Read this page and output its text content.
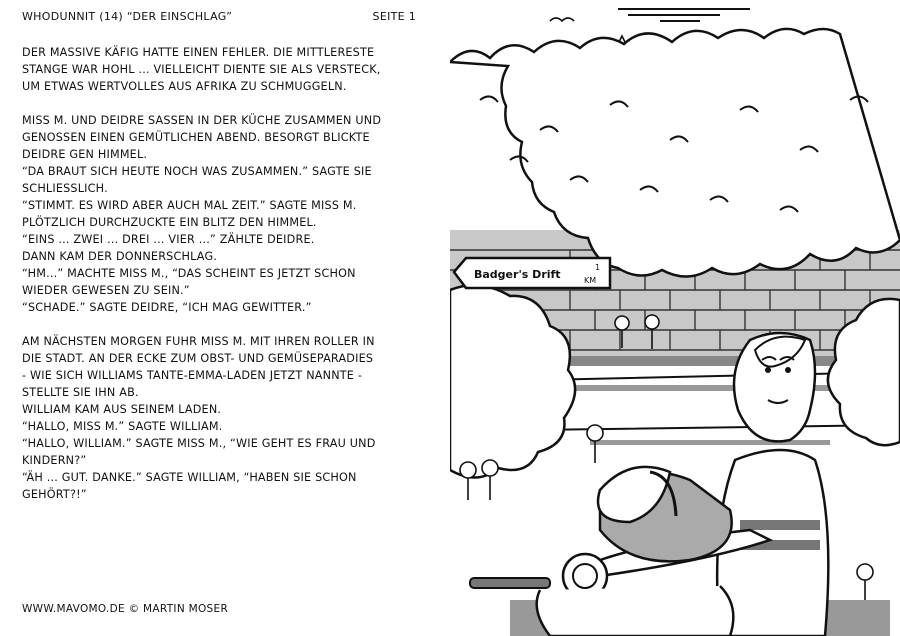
WHODUNNIT (14) “DER EINSCHLAG”	SEITE 1

DER MASSIVE KÄFIG HATTE EINEN FEHLER. DIE MITTLERESTE
STANGE WAR HOHL ... VIELLEICHT DIENTE SIE ALS VERSTECK,
UM ETWAS WERTVOLLES AUS AFRIKA ZU SCHMUGGELN.

MISS M. UND DEIDRE SASSEN IN DER KÜCHE ZUSAMMEN UND
GENOSSEN EINEN GEMÜTLICHEN ABEND. BESORGT BLICKTE
DEIDRE GEN HIMMEL.
“DA BRAUT SICH HEUTE NOCH WAS ZUSAMMEN.” SAGTE SIE
SCHLIESSLICH.
“STIMMT. ES WIRD ABER AUCH MAL ZEIT.” SAGTE MISS M.
PLÖTZLICH DURCHZUCKTE EIN BLITZ DEN HIMMEL.
“EINS ... ZWEI ... DREI ... VIER ...” ZÄHLTE DEIDRE.
DANN KAM DER DONNERSCHLAG.
“HM...” MACHTE MISS M., “DAS SCHEINT ES JETZT SCHON
WIEDER GEWESEN ZU SEIN.”
“SCHADE.” SAGTE DEIDRE, “ICH MAG GEWITTER.”

AM NÄCHSTEN MORGEN FUHR MISS M. MIT IHREN ROLLER IN
DIE STADT. AN DER ECKE ZUM OBST- UND GEMÜSEPARADIES
- WIE SICH WILLIAMS TANTE-EMMA-LADEN JETZT NANNTE -
STELLTE SIE IHN AB.
WILLIAM KAM AUS SEINEM LADEN.
“HALLO, MISS M.” SAGTE WILLIAM.
“HALLO, WILLIAM.” SAGTE MISS M., “WIE GEHT ES FRAU UND
KINDERN?”
“ÄH ... GUT. DANKE.” SAGTE WILLIAM, “HABEN SIE SCHON
GEHÖRT?!”

WWW.MAVOMO.DE © MARTIN MOSER
Badger's Drift
1
KM
